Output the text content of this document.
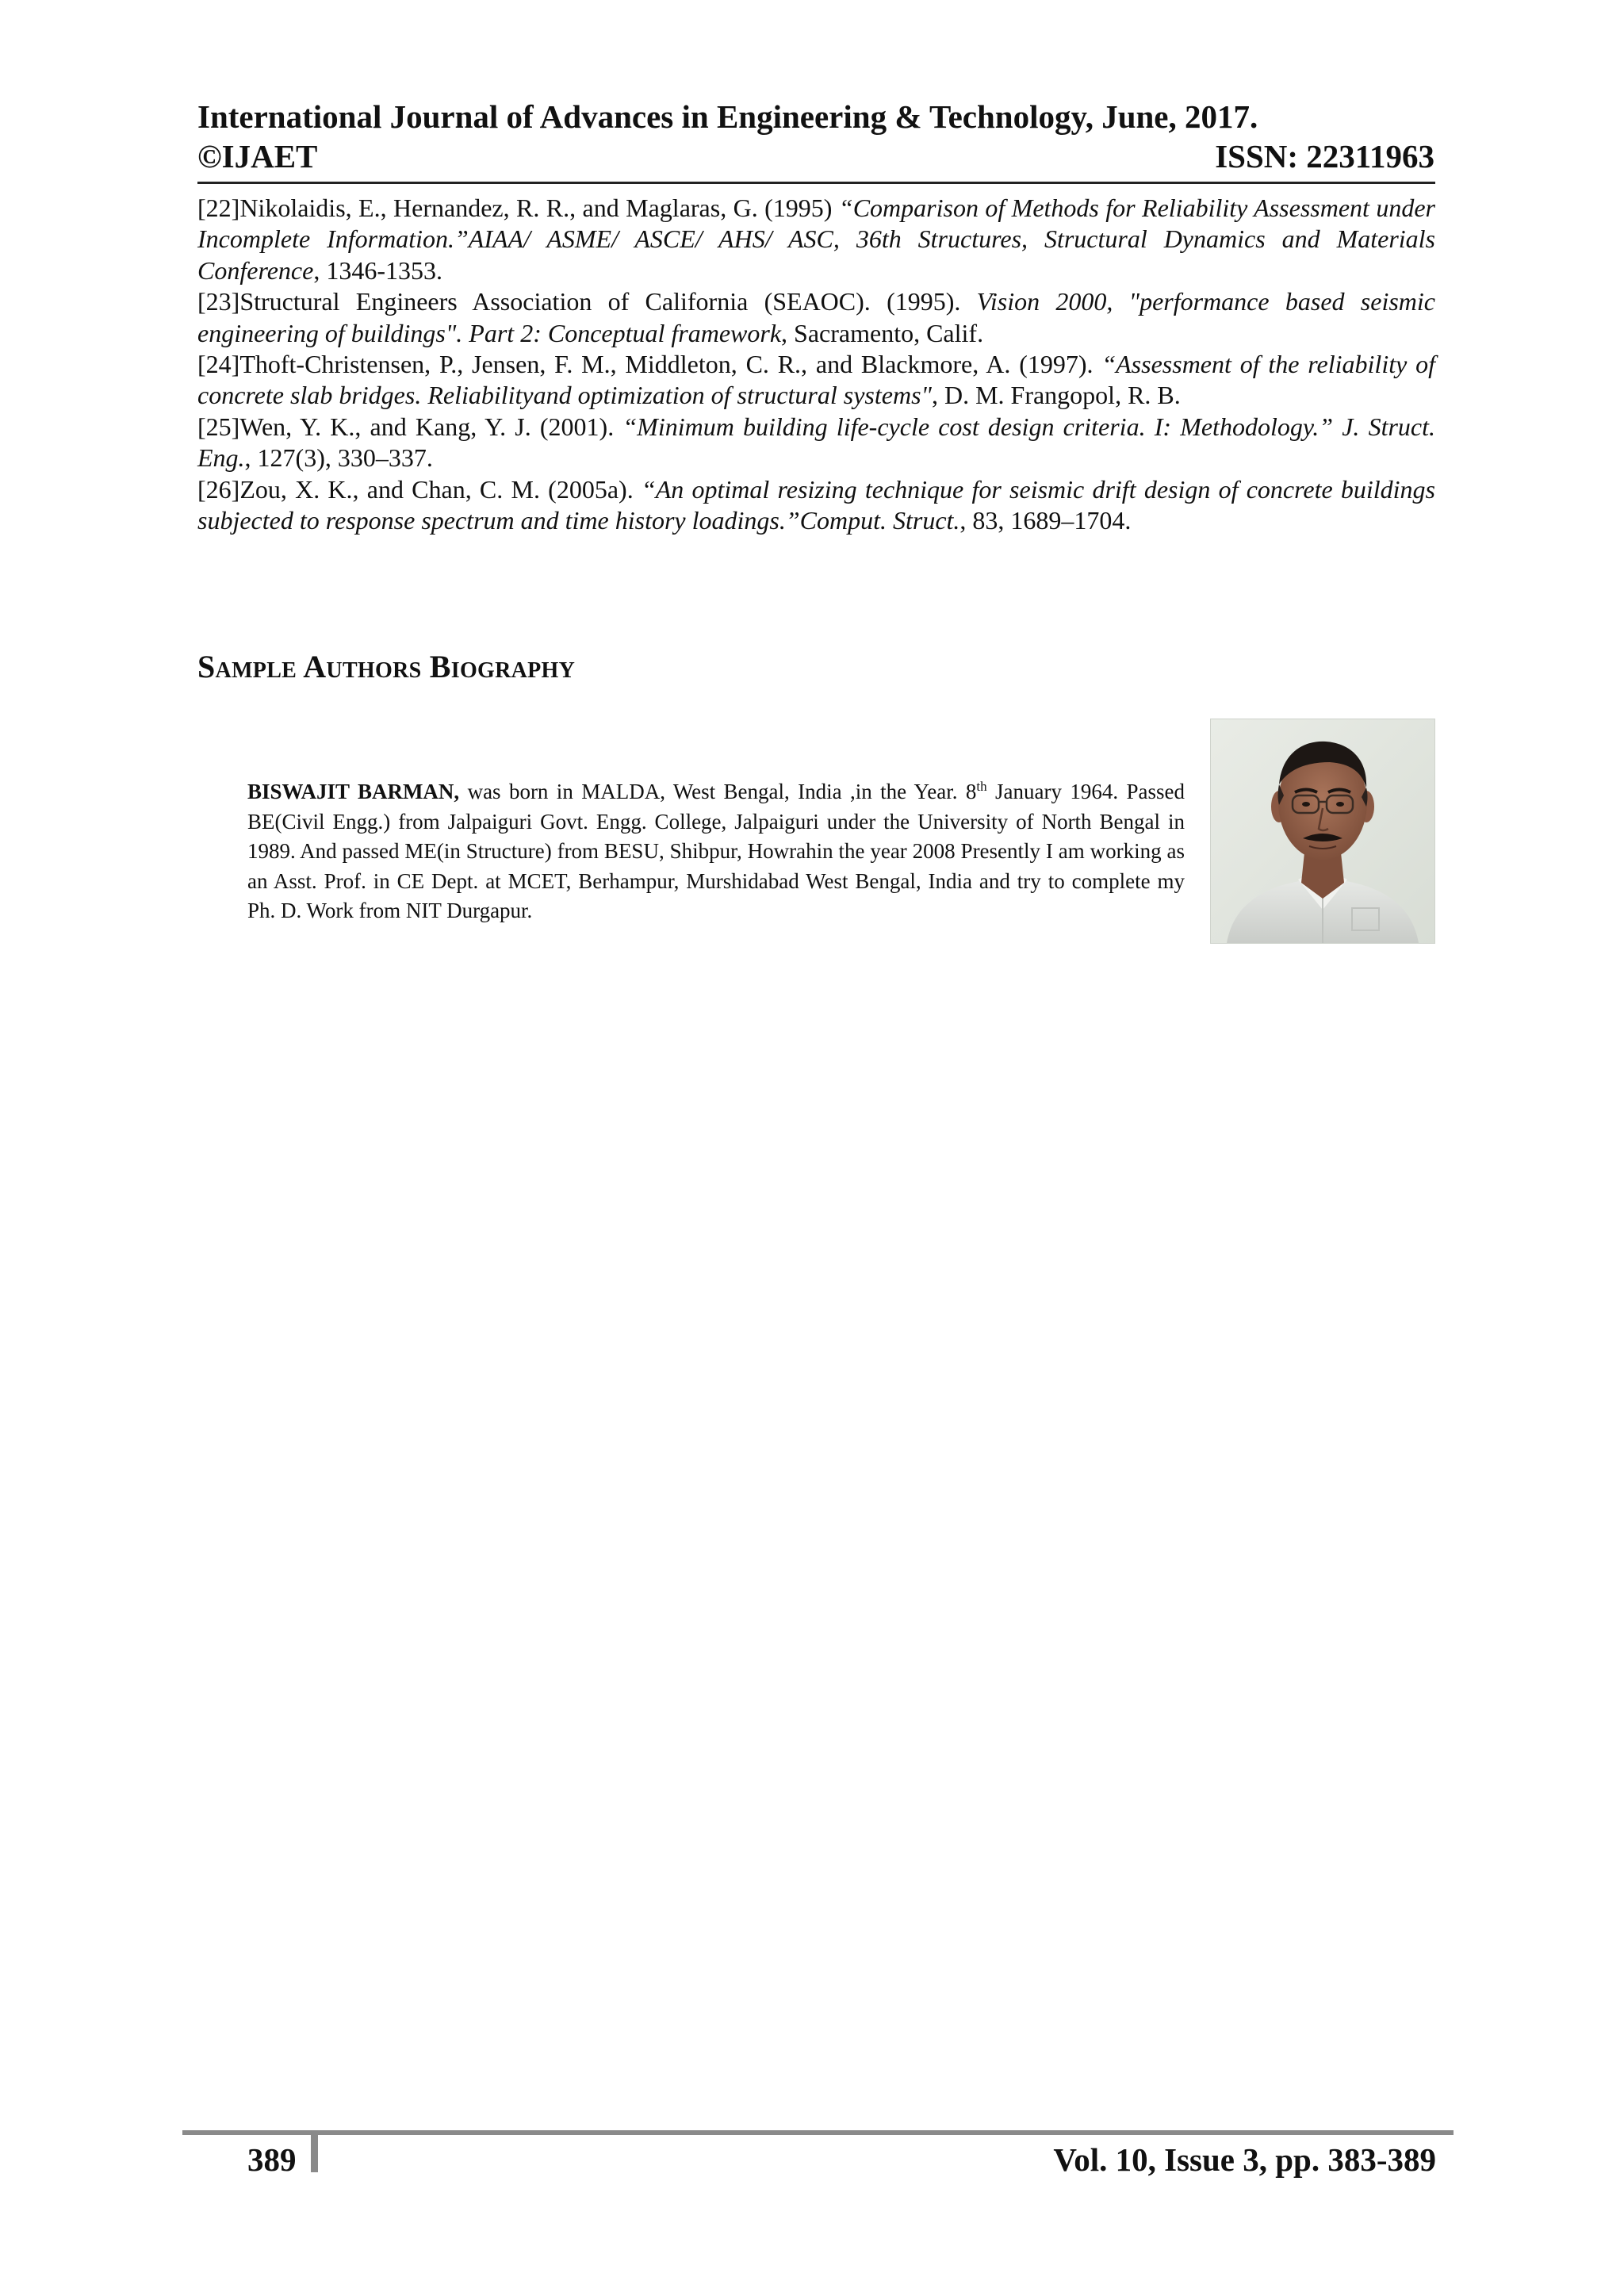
International Journal of Advances in Engineering & Technology, June, 2017.
©IJAET	ISSN: 22311963

[22]Nikolaidis, E., Hernandez, R. R., and Maglaras, G. (1995) “Comparison of Methods for Reliability Assessment under Incomplete Information.”AIAA/ ASME/ ASCE/ AHS/ ASC, 36th Structures, Structural Dynamics and Materials Conference, 1346-1353.

[23]Structural Engineers Association of California (SEAOC). (1995). Vision 2000, "performance based seismic engineering of buildings". Part 2: Conceptual framework, Sacramento, Calif.

[24]Thoft-Christensen, P., Jensen, F. M., Middleton, C. R., and Blackmore, A. (1997). “Assessment of the reliability of concrete slab bridges. Reliabilityand optimization of structural systems", D. M. Frangopol, R. B.

[25]Wen, Y. K., and Kang, Y. J. (2001). “Minimum building life-cycle cost design criteria. I: Methodology.” J. Struct. Eng., 127(3), 330–337.

[26]Zou, X. K., and Chan, C. M. (2005a). “An optimal resizing technique for seismic drift design of concrete buildings subjected to response spectrum and time history loadings.”Comput. Struct., 83, 1689–1704.

Sample Authors Biography
BISWAJIT BARMAN, was born in MALDA, West Bengal, India ,in the Year. 8th January 1964. Passed BE(Civil Engg.) from Jalpaiguri Govt. Engg. College, Jalpaiguri under the University of North Bengal in 1989. And passed ME(in Structure) from BESU, Shibpur, Howrahin the year 2008 Presently I am working as an Asst. Prof. in CE Dept. at MCET, Berhampur, Murshidabad West Bengal, India and try to complete my Ph. D. Work from NIT Durgapur.
389	Vol. 10, Issue 3, pp. 383-389
